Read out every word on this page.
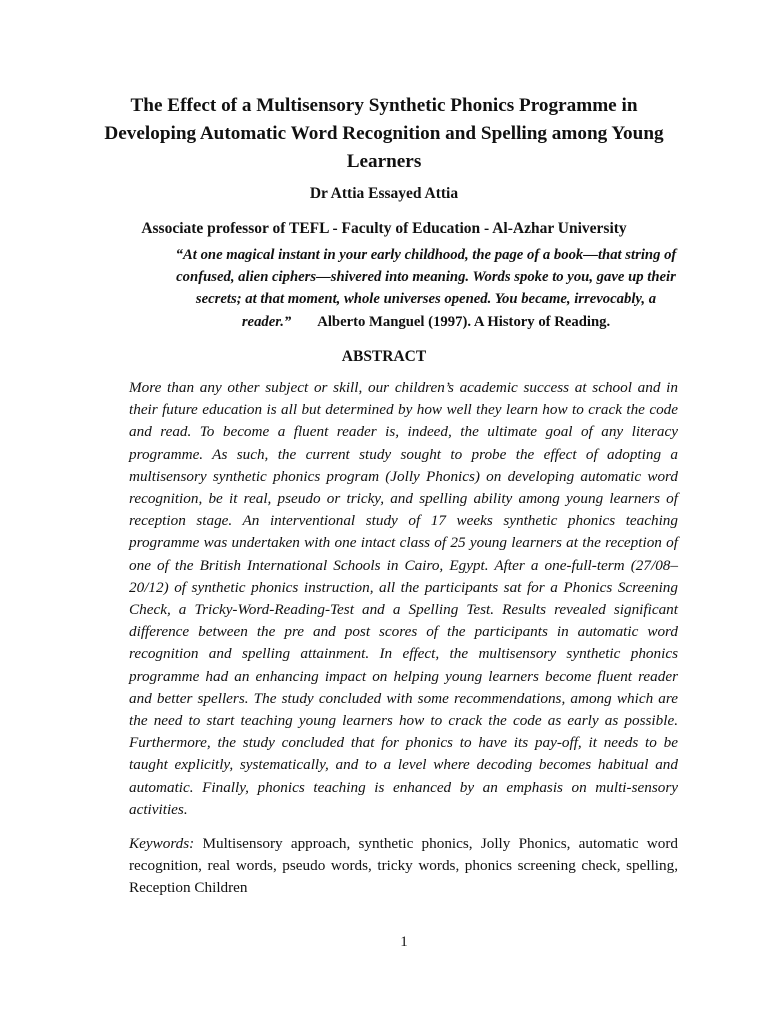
The Effect of a Multisensory Synthetic Phonics Programme in Developing Automatic Word Recognition and Spelling among Young Learners
Dr Attia Essayed Attia
Associate professor of TEFL - Faculty of Education - Al-Azhar University
“At one magical instant in your early childhood, the page of a book—that string of confused, alien ciphers—shivered into meaning. Words spoke to you, gave up their secrets; at that moment, whole universes opened. You became, irrevocably, a reader.” Alberto Manguel (1997). A History of Reading.
ABSTRACT
More than any other subject or skill, our children’s academic success at school and in their future education is all but determined by how well they learn how to crack the code and read. To become a fluent reader is, indeed, the ultimate goal of any literacy programme. As such, the current study sought to probe the effect of adopting a multisensory synthetic phonics program (Jolly Phonics) on developing automatic word recognition, be it real, pseudo or tricky, and spelling ability among young learners of reception stage. An interventional study of 17 weeks synthetic phonics teaching programme was undertaken with one intact class of 25 young learners at the reception of one of the British International Schools in Cairo, Egypt. After a one-full-term (27/08–20/12) of synthetic phonics instruction, all the participants sat for a Phonics Screening Check, a Tricky-Word-Reading-Test and a Spelling Test. Results revealed significant difference between the pre and post scores of the participants in automatic word recognition and spelling attainment. In effect, the multisensory synthetic phonics programme had an enhancing impact on helping young learners become fluent reader and better spellers. The study concluded with some recommendations, among which are the need to start teaching young learners how to crack the code as early as possible. Furthermore, the study concluded that for phonics to have its pay-off, it needs to be taught explicitly, systematically, and to a level where decoding becomes habitual and automatic. Finally, phonics teaching is enhanced by an emphasis on multi-sensory activities.
Keywords: Multisensory approach, synthetic phonics, Jolly Phonics, automatic word recognition, real words, pseudo words, tricky words, phonics screening check, spelling, Reception Children
1
